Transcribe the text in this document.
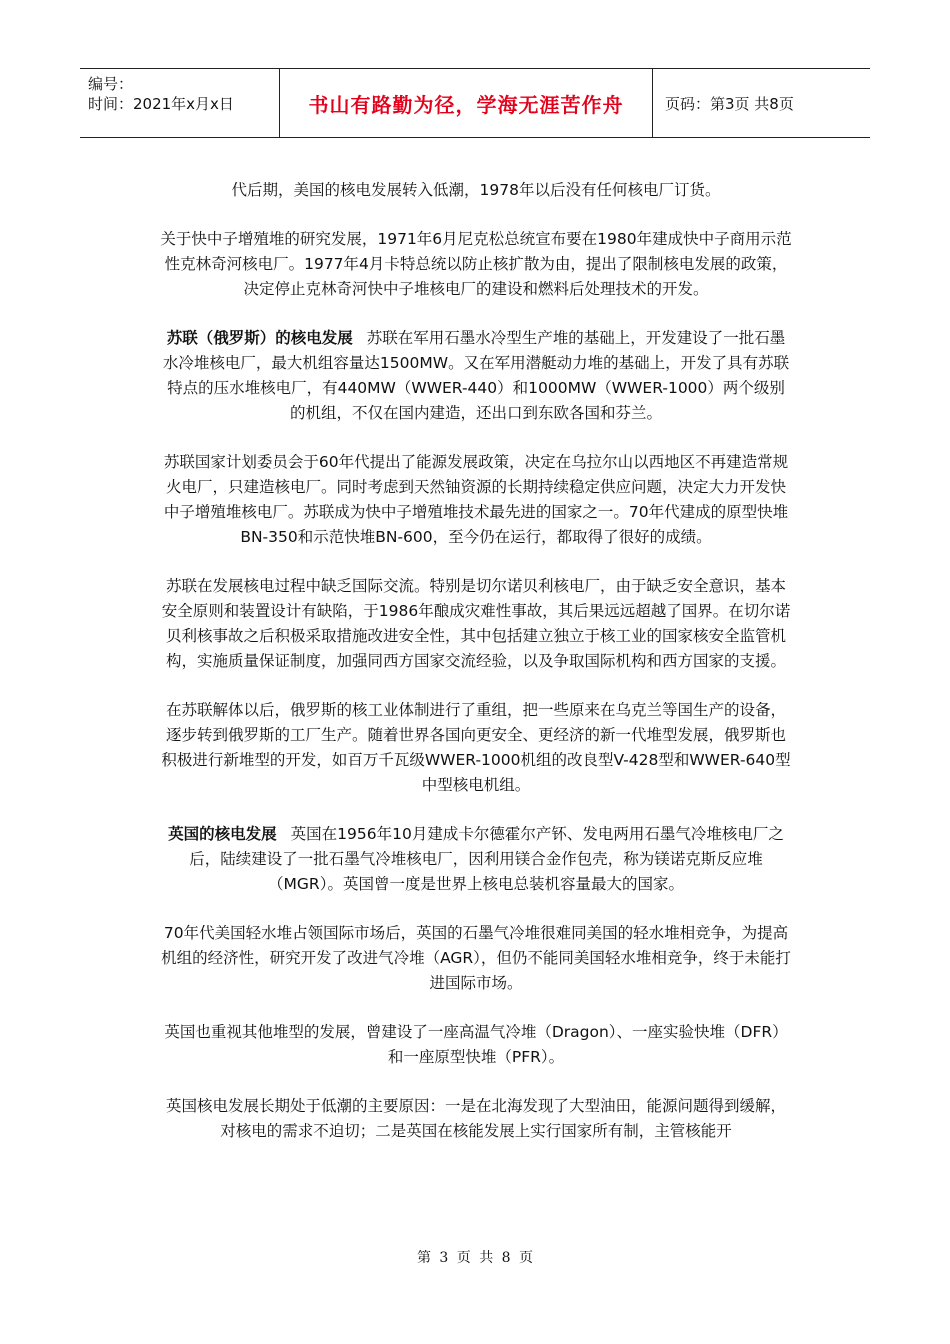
编号：
时间：2021年x月x日	书山有路勤为径，学海无涯苦作舟	页码：第3页 共8页

代后期，美国的核电发展转入低潮，1978年以后没有任何核电厂订货。

关于快中子增殖堆的研究发展，1971年6月尼克松总统宣布要在1980年建成快中子商用示范性克林奇河核电厂。1977年4月卡特总统以防止核扩散为由，提出了限制核电发展的政策，决定停止克林奇河快中子堆核电厂的建设和燃料后处理技术的开发。

苏联（俄罗斯）的核电发展 苏联在军用石墨水冷型生产堆的基础上，开发建设了一批石墨水冷堆核电厂，最大机组容量达1500MW。又在军用潜艇动力堆的基础上，开发了具有苏联特点的压水堆核电厂，有440MW（WWER-440）和1000MW（WWER-1000）两个级别的机组，不仅在国内建造，还出口到东欧各国和芬兰。

苏联国家计划委员会于60年代提出了能源发展政策，决定在乌拉尔山以西地区不再建造常规火电厂，只建造核电厂。同时考虑到天然铀资源的长期持续稳定供应问题，决定大力开发快中子增殖堆核电厂。苏联成为快中子增殖堆技术最先进的国家之一。70年代建成的原型快堆BN-350和示范快堆BN-600，至今仍在运行，都取得了很好的成绩。

苏联在发展核电过程中缺乏国际交流。特别是切尔诺贝利核电厂，由于缺乏安全意识，基本安全原则和装置设计有缺陷，于1986年酿成灾难性事故，其后果远远超越了国界。在切尔诺贝利核事故之后积极采取措施改进安全性，其中包括建立独立于核工业的国家核安全监管机构，实施质量保证制度，加强同西方国家交流经验，以及争取国际机构和西方国家的支援。

在苏联解体以后，俄罗斯的核工业体制进行了重组，把一些原来在乌克兰等国生产的设备，逐步转到俄罗斯的工厂生产。随着世界各国向更安全、更经济的新一代堆型发展，俄罗斯也积极进行新堆型的开发，如百万千瓦级WWER-1000机组的改良型V-428型和WWER-640型中型核电机组。

英国的核电发展 英国在1956年10月建成卡尔德霍尔产钚、发电两用石墨气冷堆核电厂之后，陆续建设了一批石墨气冷堆核电厂，因利用镁合金作包壳，称为镁诺克斯反应堆（MGR）。英国曾一度是世界上核电总装机容量最大的国家。

70年代美国轻水堆占领国际市场后，英国的石墨气冷堆很难同美国的轻水堆相竞争，为提高机组的经济性，研究开发了改进气冷堆（AGR），但仍不能同美国轻水堆相竞争，终于未能打进国际市场。

英国也重视其他堆型的发展，曾建设了一座高温气冷堆（Dragon）、一座实验快堆（DFR）和一座原型快堆（PFR）。

英国核电发展长期处于低潮的主要原因：一是在北海发现了大型油田，能源问题得到缓解，对核电的需求不迫切；二是英国在核能发展上实行国家所有制，主管核能开

第 3 页 共 8 页
